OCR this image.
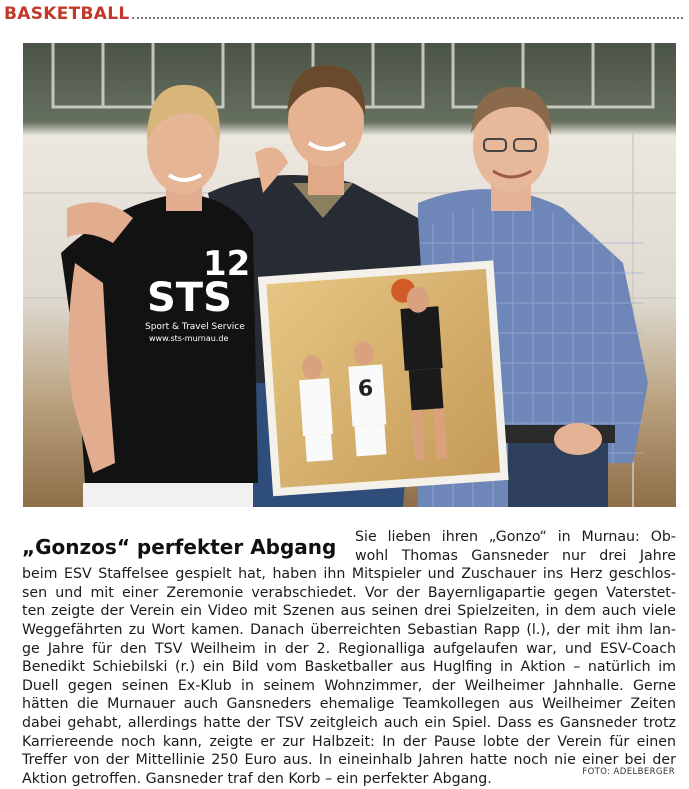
BASKETBALL
12
STS
Sport & Travel Service
www.sts-murnau.de
6
„Gonzos“ perfekter Abgang	Sie lieben ihren „Gonzo“ in Murnau: Ob-
wohl Thomas Gansneder nur drei Jahre
beim ESV Staffelsee gespielt hat, haben ihn Mitspieler und Zuschauer ins Herz geschlos-
sen und mit einer Zeremonie verabschiedet. Vor der Bayernligapartie gegen Vaterstet-
ten zeigte der Verein ein Video mit Szenen aus seinen drei Spielzeiten, in dem auch viele
Weggefährten zu Wort kamen. Danach überreichten Sebastian Rapp (l.), der mit ihm lan-
ge Jahre für den TSV Weilheim in der 2. Regionalliga aufgelaufen war, und ESV-Coach
Benedikt Schiebilski (r.) ein Bild vom Basketballer aus Huglfing in Aktion – natürlich im
Duell gegen seinen Ex-Klub in seinem Wohnzimmer, der Weilheimer Jahnhalle. Gerne
hätten die Murnauer auch Gansneders ehemalige Teamkollegen aus Weilheimer Zeiten
dabei gehabt, allerdings hatte der TSV zeitgleich auch ein Spiel. Dass es Gansneder trotz
Karriereende noch kann, zeigte er zur Halbzeit: In der Pause lobte der Verein für einen
Treffer von der Mittellinie 250 Euro aus. In eineinhalb Jahren hatte noch nie einer bei der
Aktion getroffen. Gansneder traf den Korb – ein perfekter Abgang.	FOTO: ADELBERGER
